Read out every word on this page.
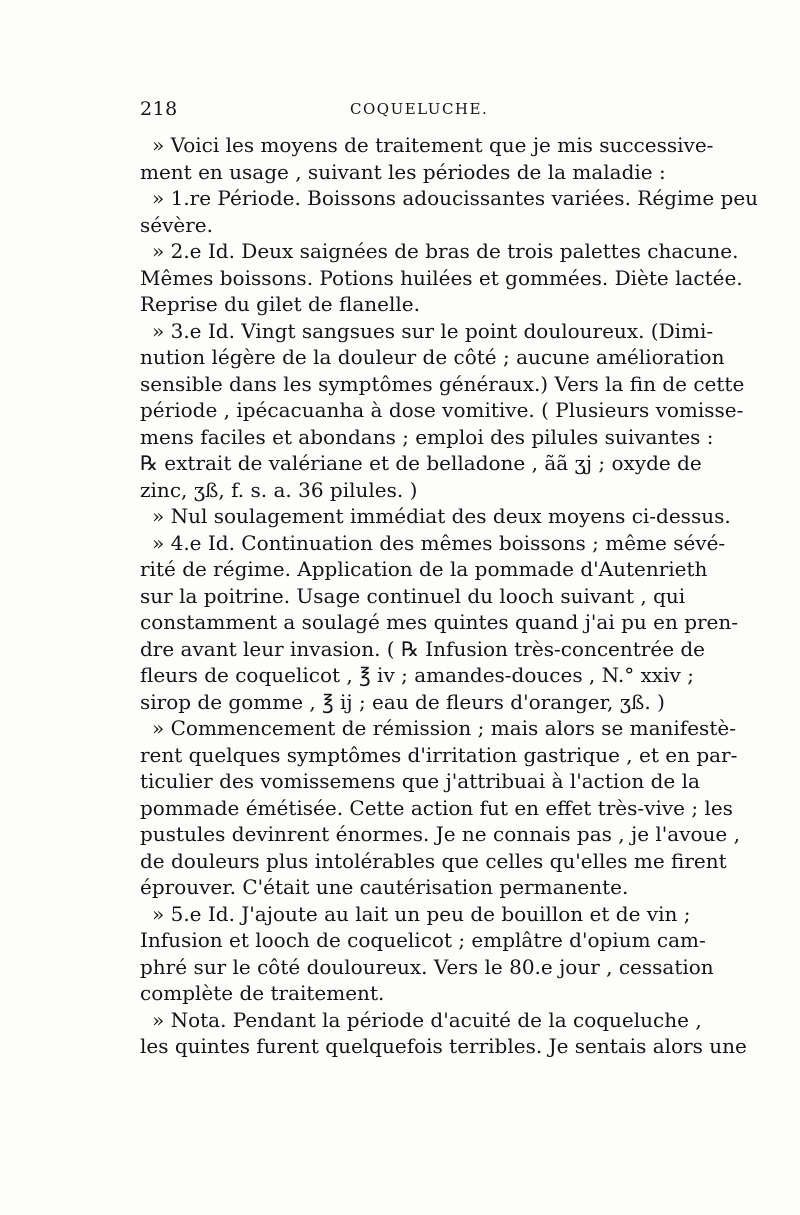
218	COQUELUCHE.
» Voici les moyens de traitement que je mis successive-
ment en usage , suivant les périodes de la maladie :
» 1.re Période. Boissons adoucissantes variées. Régime peu
sévère.
» 2.e Id. Deux saignées de bras de trois palettes chacune.
Mêmes boissons. Potions huilées et gommées. Diète lactée.
Reprise du gilet de flanelle.
» 3.e Id. Vingt sangsues sur le point douloureux. (Dimi-
nution légère de la douleur de côté ; aucune amélioration
sensible dans les symptômes généraux.) Vers la fin de cette
période , ipécacuanha à dose vomitive. ( Plusieurs vomisse-
mens faciles et abondans ; emploi des pilules suivantes :
℞ extrait de valériane et de belladone , ãã ʒj ; oxyde de
zinc, ʒß, f. s. a. 36 pilules. )
» Nul soulagement immédiat des deux moyens ci-dessus.
» 4.e Id. Continuation des mêmes boissons ; même sévé-
rité de régime. Application de la pommade d'Autenrieth
sur la poitrine. Usage continuel du looch suivant , qui
constamment a soulagé mes quintes quand j'ai pu en pren-
dre avant leur invasion. ( ℞ Infusion très-concentrée de
fleurs de coquelicot , ℥ iv ; amandes-douces , N.° xxiv ;
sirop de gomme , ℥ ij ; eau de fleurs d'oranger, ʒß. )
» Commencement de rémission ; mais alors se manifestè-
rent quelques symptômes d'irritation gastrique , et en par-
ticulier des vomissemens que j'attribuai à l'action de la
pommade émétisée. Cette action fut en effet très-vive ; les
pustules devinrent énormes. Je ne connais pas , je l'avoue ,
de douleurs plus intolérables que celles qu'elles me firent
éprouver. C'était une cautérisation permanente.
» 5.e Id. J'ajoute au lait un peu de bouillon et de vin ;
Infusion et looch de coquelicot ; emplâtre d'opium cam-
phré sur le côté douloureux. Vers le 80.e jour , cessation
complète de traitement.
» Nota. Pendant la période d'acuité de la coqueluche ,
les quintes furent quelquefois terribles. Je sentais alors une
